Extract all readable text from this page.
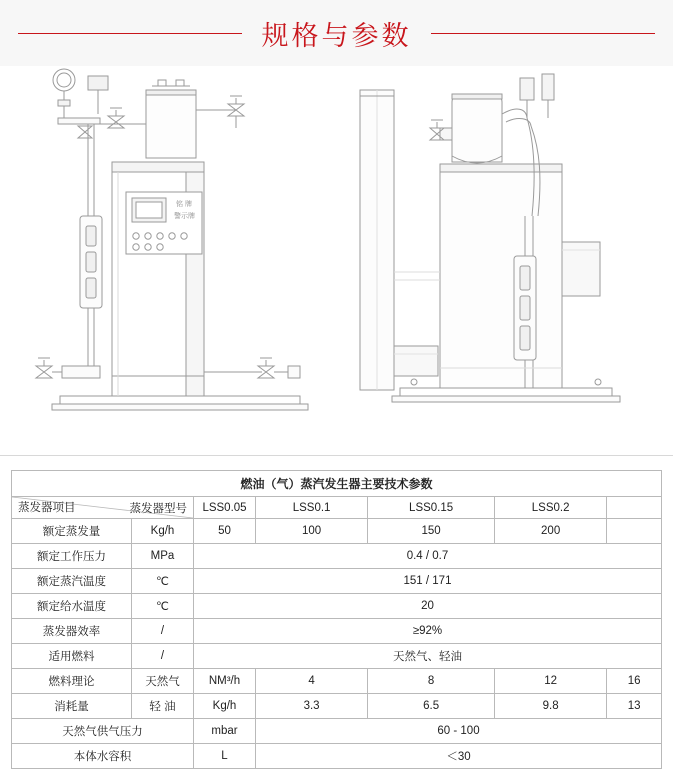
规格与参数
铭 牌
警示牌
燃油（气）蒸汽发生器主要技术参数						

蒸发器型号
蒸发器项目		LSS0.05	LSS0.1	LSS0.15	LSS0.2	
额定蒸发量	Kg/h	50	100	150	200	
额定工作压力	MPa	0.4 / 0.7				
额定蒸汽温度	℃	151 / 171				
额定给水温度	℃	20				
蒸发器效率	/	≥92%				
适用燃料	/	天然气、轻油				
燃料理论	天然气	NM³/h	4	8	12	16
消耗量	轻 油	Kg/h	3.3	6.5	9.8	13
天然气供气压力		mbar	60 - 100			
本体水容积		L	＜30			
